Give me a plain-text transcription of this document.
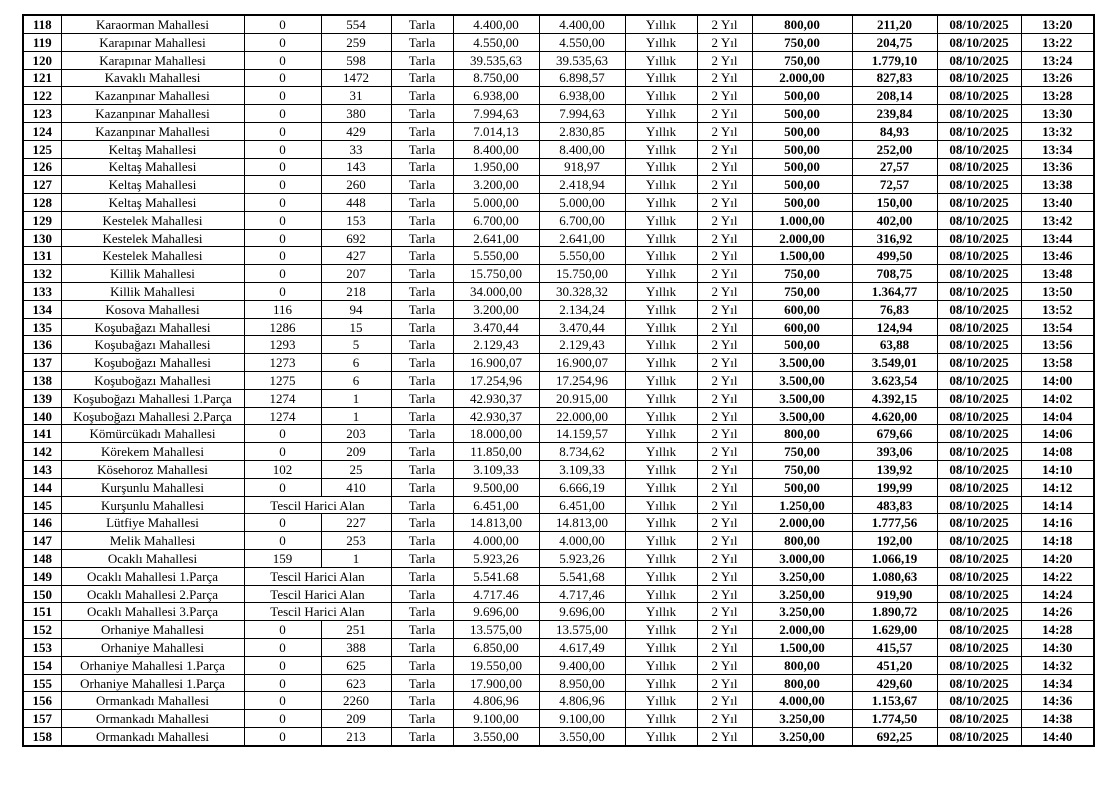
118	Karaorman Mahallesi	0	554	Tarla	4.400,00	4.400,00	Yıllık	2 Yıl	800,00	211,20	08/10/2025	13:20
119	Karapınar Mahallesi	0	259	Tarla	4.550,00	4.550,00	Yıllık	2 Yıl	750,00	204,75	08/10/2025	13:22
120	Karapınar Mahallesi	0	598	Tarla	39.535,63	39.535,63	Yıllık	2 Yıl	750,00	1.779,10	08/10/2025	13:24
121	Kavaklı Mahallesi	0	1472	Tarla	8.750,00	6.898,57	Yıllık	2 Yıl	2.000,00	827,83	08/10/2025	13:26
122	Kazanpınar Mahallesi	0	31	Tarla	6.938,00	6.938,00	Yıllık	2 Yıl	500,00	208,14	08/10/2025	13:28
123	Kazanpınar Mahallesi	0	380	Tarla	7.994,63	7.994,63	Yıllık	2 Yıl	500,00	239,84	08/10/2025	13:30
124	Kazanpınar Mahallesi	0	429	Tarla	7.014,13	2.830,85	Yıllık	2 Yıl	500,00	84,93	08/10/2025	13:32
125	Keltaş Mahallesi	0	33	Tarla	8.400,00	8.400,00	Yıllık	2 Yıl	500,00	252,00	08/10/2025	13:34
126	Keltaş Mahallesi	0	143	Tarla	1.950,00	918,97	Yıllık	2 Yıl	500,00	27,57	08/10/2025	13:36
127	Keltaş Mahallesi	0	260	Tarla	3.200,00	2.418,94	Yıllık	2 Yıl	500,00	72,57	08/10/2025	13:38
128	Keltaş Mahallesi	0	448	Tarla	5.000,00	5.000,00	Yıllık	2 Yıl	500,00	150,00	08/10/2025	13:40
129	Kestelek Mahallesi	0	153	Tarla	6.700,00	6.700,00	Yıllık	2 Yıl	1.000,00	402,00	08/10/2025	13:42
130	Kestelek Mahallesi	0	692	Tarla	2.641,00	2.641,00	Yıllık	2 Yıl	2.000,00	316,92	08/10/2025	13:44
131	Kestelek Mahallesi	0	427	Tarla	5.550,00	5.550,00	Yıllık	2 Yıl	1.500,00	499,50	08/10/2025	13:46
132	Killik Mahallesi	0	207	Tarla	15.750,00	15.750,00	Yıllık	2 Yıl	750,00	708,75	08/10/2025	13:48
133	Killik Mahallesi	0	218	Tarla	34.000,00	30.328,32	Yıllık	2 Yıl	750,00	1.364,77	08/10/2025	13:50
134	Kosova Mahallesi	116	94	Tarla	3.200,00	2.134,24	Yıllık	2 Yıl	600,00	76,83	08/10/2025	13:52
135	Koşubağazı Mahallesi	1286	15	Tarla	3.470,44	3.470,44	Yıllık	2 Yıl	600,00	124,94	08/10/2025	13:54
136	Koşubağazı Mahallesi	1293	5	Tarla	2.129,43	2.129,43	Yıllık	2 Yıl	500,00	63,88	08/10/2025	13:56
137	Koşuboğazı Mahallesi	1273	6	Tarla	16.900,07	16.900,07	Yıllık	2 Yıl	3.500,00	3.549,01	08/10/2025	13:58
138	Koşuboğazı Mahallesi	1275	6	Tarla	17.254,96	17.254,96	Yıllık	2 Yıl	3.500,00	3.623,54	08/10/2025	14:00
139	Koşuboğazı Mahallesi 1.Parça	1274	1	Tarla	42.930,37	20.915,00	Yıllık	2 Yıl	3.500,00	4.392,15	08/10/2025	14:02
140	Koşuboğazı Mahallesi 2.Parça	1274	1	Tarla	42.930,37	22.000,00	Yıllık	2 Yıl	3.500,00	4.620,00	08/10/2025	14:04
141	Kömürcükadı Mahallesi	0	203	Tarla	18.000,00	14.159,57	Yıllık	2 Yıl	800,00	679,66	08/10/2025	14:06
142	Körekem Mahallesi	0	209	Tarla	11.850,00	8.734,62	Yıllık	2 Yıl	750,00	393,06	08/10/2025	14:08
143	Kösehoroz Mahallesi	102	25	Tarla	3.109,33	3.109,33	Yıllık	2 Yıl	750,00	139,92	08/10/2025	14:10
144	Kurşunlu Mahallesi	0	410	Tarla	9.500,00	6.666,19	Yıllık	2 Yıl	500,00	199,99	08/10/2025	14:12
145	Kurşunlu Mahallesi	Tescil Harici Alan		Tarla	6.451,00	6.451,00	Yıllık	2 Yıl	1.250,00	483,83	08/10/2025	14:14
146	Lütfiye Mahallesi	0	227	Tarla	14.813,00	14.813,00	Yıllık	2 Yıl	2.000,00	1.777,56	08/10/2025	14:16
147	Melik Mahallesi	0	253	Tarla	4.000,00	4.000,00	Yıllık	2 Yıl	800,00	192,00	08/10/2025	14:18
148	Ocaklı Mahallesi	159	1	Tarla	5.923,26	5.923,26	Yıllık	2 Yıl	3.000,00	1.066,19	08/10/2025	14:20
149	Ocaklı Mahallesi 1.Parça	Tescil Harici Alan		Tarla	5.541.68	5.541,68	Yıllık	2 Yıl	3.250,00	1.080,63	08/10/2025	14:22
150	Ocaklı Mahallesi 2.Parça	Tescil Harici Alan		Tarla	4.717.46	4.717,46	Yıllık	2 Yıl	3.250,00	919,90	08/10/2025	14:24
151	Ocaklı Mahallesi 3.Parça	Tescil Harici Alan		Tarla	9.696,00	9.696,00	Yıllık	2 Yıl	3.250,00	1.890,72	08/10/2025	14:26
152	Orhaniye Mahallesi	0	251	Tarla	13.575,00	13.575,00	Yıllık	2 Yıl	2.000,00	1.629,00	08/10/2025	14:28
153	Orhaniye Mahallesi	0	388	Tarla	6.850,00	4.617,49	Yıllık	2 Yıl	1.500,00	415,57	08/10/2025	14:30
154	Orhaniye Mahallesi 1.Parça	0	625	Tarla	19.550,00	9.400,00	Yıllık	2 Yıl	800,00	451,20	08/10/2025	14:32
155	Orhaniye Mahallesi 1.Parça	0	623	Tarla	17.900,00	8.950,00	Yıllık	2 Yıl	800,00	429,60	08/10/2025	14:34
156	Ormankadı Mahallesi	0	2260	Tarla	4.806,96	4.806,96	Yıllık	2 Yıl	4.000,00	1.153,67	08/10/2025	14:36
157	Ormankadı Mahallesi	0	209	Tarla	9.100,00	9.100,00	Yıllık	2 Yıl	3.250,00	1.774,50	08/10/2025	14:38
158	Ormankadı Mahallesi	0	213	Tarla	3.550,00	3.550,00	Yıllık	2 Yıl	3.250,00	692,25	08/10/2025	14:40
